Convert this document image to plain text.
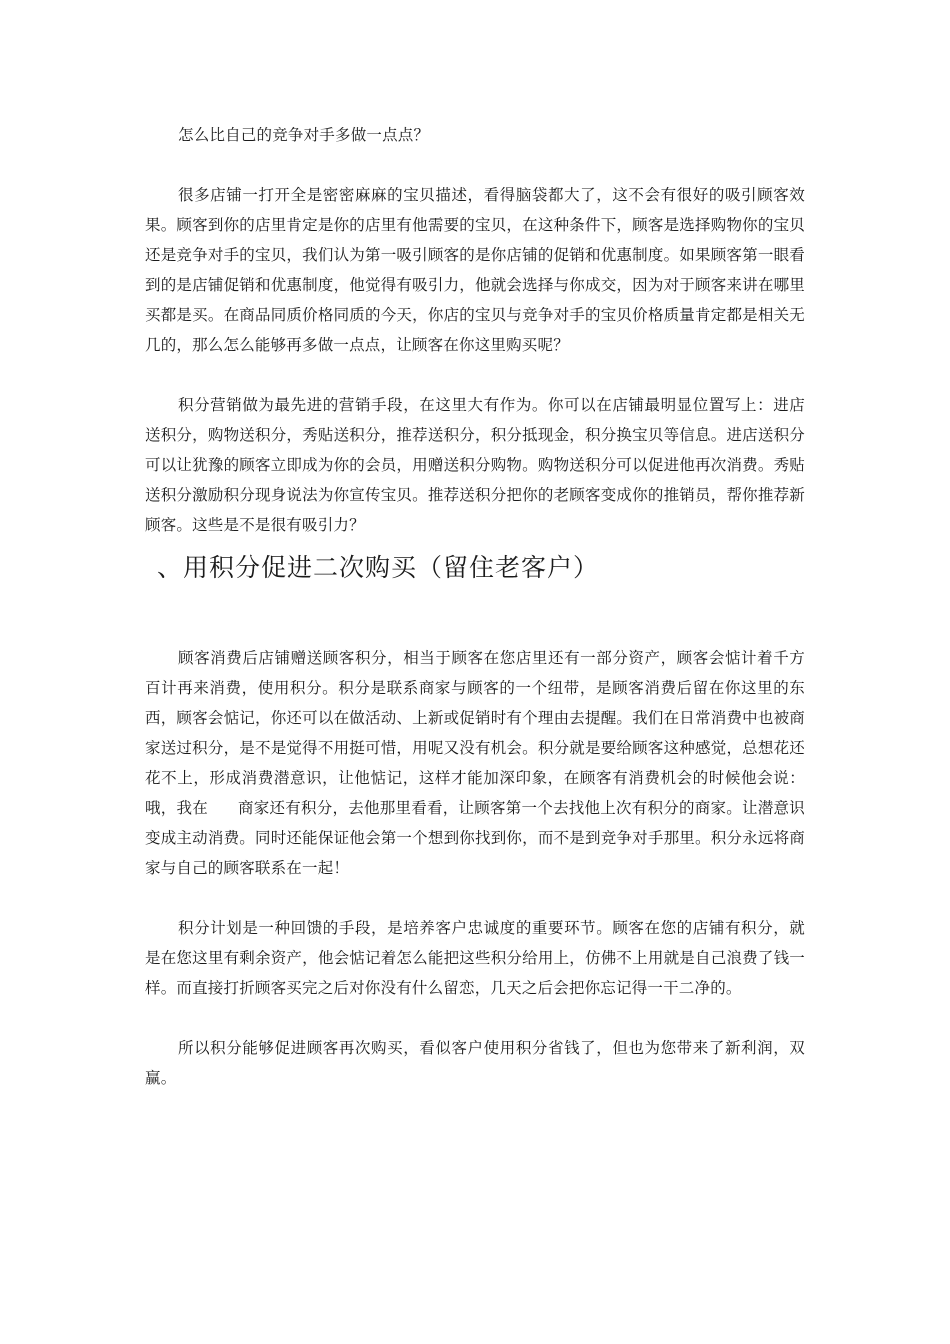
怎么比自己的竞争对手多做一点点？

很多店铺一打开全是密密麻麻的宝贝描述，看得脑袋都大了，这不会有很好的吸引顾客效果。顾客到你的店里肯定是你的店里有他需要的宝贝，在这种条件下，顾客是选择购物你的宝贝还是竞争对手的宝贝，我们认为第一吸引顾客的是你店铺的促销和优惠制度。如果顾客第一眼看到的是店铺促销和优惠制度，他觉得有吸引力，他就会选择与你成交，因为对于顾客来讲在哪里买都是买。在商品同质价格同质的今天，你店的宝贝与竞争对手的宝贝价格质量肯定都是相关无几的，那么怎么能够再多做一点点，让顾客在你这里购买呢？

积分营销做为最先进的营销手段，在这里大有作为。你可以在店铺最明显位置写上：进店送积分，购物送积分，秀贴送积分，推荐送积分，积分抵现金，积分换宝贝等信息。进店送积分可以让犹豫的顾客立即成为你的会员，用赠送积分购物。购物送积分可以促进他再次消费。秀贴送积分激励积分现身说法为你宣传宝贝。推荐送积分把你的老顾客变成你的推销员，帮你推荐新顾客。这些是不是很有吸引力？

、用积分促进二次购买（留住老客户）

顾客消费后店铺赠送顾客积分，相当于顾客在您店里还有一部分资产，顾客会惦计着千方百计再来消费，使用积分。积分是联系商家与顾客的一个纽带，是顾客消费后留在你这里的东西，顾客会惦记，你还可以在做活动、上新或促销时有个理由去提醒。我们在日常消费中也被商家送过积分，是不是觉得不用挺可惜，用呢又没有机会。积分就是要给顾客这种感觉，总想花还花不上，形成消费潜意识，让他惦记，这样才能加深印象，在顾客有消费机会的时候他会说：哦，我在 商家还有积分，去他那里看看，让顾客第一个去找他上次有积分的商家。让潜意识变成主动消费。同时还能保证他会第一个想到你找到你，而不是到竞争对手那里。积分永远将商家与自己的顾客联系在一起！

积分计划是一种回馈的手段，是培养客户忠诚度的重要环节。顾客在您的店铺有积分，就是在您这里有剩余资产，他会惦记着怎么能把这些积分给用上，仿佛不上用就是自己浪费了钱一样。而直接打折顾客买完之后对你没有什么留恋，几天之后会把你忘记得一干二净的。

所以积分能够促进顾客再次购买，看似客户使用积分省钱了，但也为您带来了新利润，双赢。
